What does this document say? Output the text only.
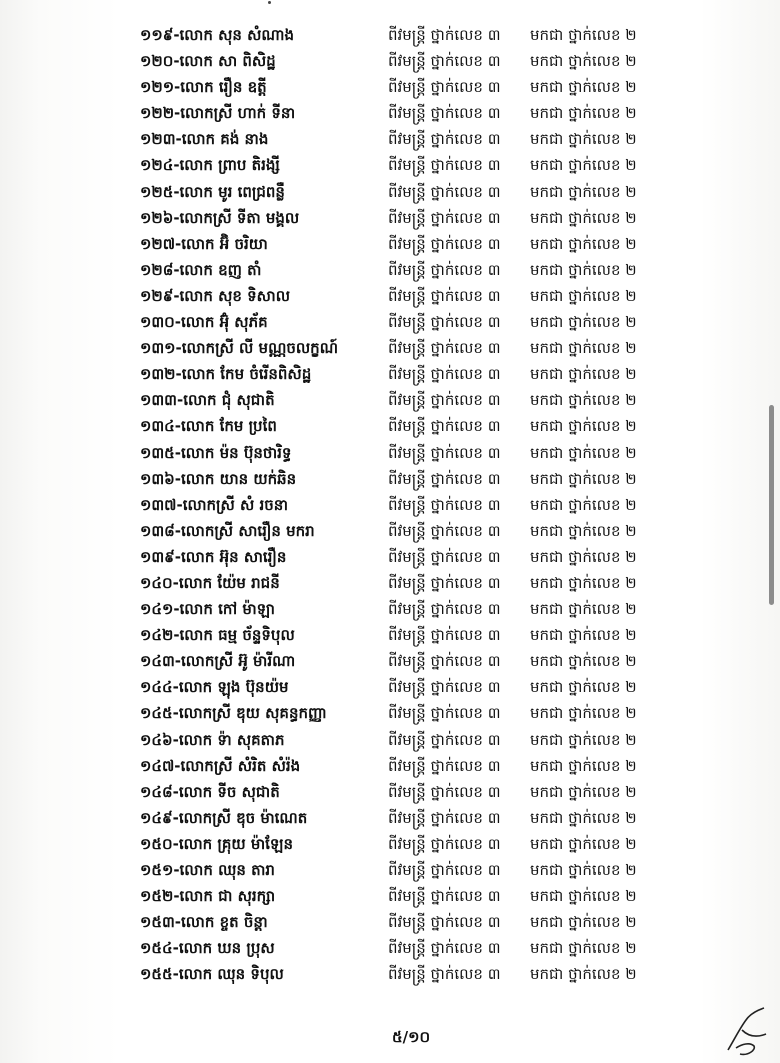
១១៩-លោក សុន សំណាង	ពីវមន្ត្រី ថ្នាក់លេខ ៣ មកជា ថ្នាក់លេខ ២
១២០-លោក សា ពិសិដ្ឋ	ពីវមន្ត្រី ថ្នាក់លេខ ៣ មកជា ថ្នាក់លេខ ២
១២១-លោក រឿន ឧត្តី	ពីវមន្ត្រី ថ្នាក់លេខ ៣ មកជា ថ្នាក់លេខ ២
១២២-លោកស្រី ហាក់ ទីនា	ពីវមន្ត្រី ថ្នាក់លេខ ៣ មកជា ថ្នាក់លេខ ២
១២៣-លោក គង់ នាង	ពីវមន្ត្រី ថ្នាក់លេខ ៣ មកជា ថ្នាក់លេខ ២
១២៤-លោក ព្រាប តិរង្សី	ពីវមន្ត្រី ថ្នាក់លេខ ៣ មកជា ថ្នាក់លេខ ២
១២៥-លោក មូរ ពេជ្រពន្លឺ	ពីវមន្ត្រី ថ្នាក់លេខ ៣ មកជា ថ្នាក់លេខ ២
១២៦-លោកស្រី ទីតា មង្គល	ពីវមន្ត្រី ថ្នាក់លេខ ៣ មកជា ថ្នាក់លេខ ២
១២៧-លោក អ៊ិ ចរិយា	ពីវមន្ត្រី ថ្នាក់លេខ ៣ មកជា ថ្នាក់លេខ ២
១២៨-លោក ឧញ តាំ	ពីវមន្ត្រី ថ្នាក់លេខ ៣ មកជា ថ្នាក់លេខ ២
១២៩-លោក សុខ ទិសាល	ពីវមន្ត្រី ថ្នាក់លេខ ៣ មកជា ថ្នាក់លេខ ២
១៣០-លោក អ៊ុំ សុភ័គ	ពីវមន្ត្រី ថ្នាក់លេខ ៣ មកជា ថ្នាក់លេខ ២
១៣១-លោកស្រី លី មណ្ណចលក្ខណ៍	ពីវមន្ត្រី ថ្នាក់លេខ ៣ មកជា ថ្នាក់លេខ ២
១៣២-លោក កែម ចំរើនពិសិដ្ឋ	ពីវមន្ត្រី ថ្នាក់លេខ ៣ មកជា ថ្នាក់លេខ ២
១៣៣-លោក ជុំ សុជាតិ	ពីវមន្ត្រី ថ្នាក់លេខ ៣ មកជា ថ្នាក់លេខ ២
១៣៤-លោក កែម ប្រពៃ	ពីវមន្ត្រី ថ្នាក់លេខ ៣ មកជា ថ្នាក់លេខ ២
១៣៥-លោក ម៉ន ប៊ុនថារិទ្ធ	ពីវមន្ត្រី ថ្នាក់លេខ ៣ មកជា ថ្នាក់លេខ ២
១៣៦-លោក យាន យក់ឆិន	ពីវមន្ត្រី ថ្នាក់លេខ ៣ មកជា ថ្នាក់លេខ ២
១៣៧-លោកស្រី សំ រចនា	ពីវមន្ត្រី ថ្នាក់លេខ ៣ មកជា ថ្នាក់លេខ ២
១៣៨-លោកស្រី សារឿន មករា	ពីវមន្ត្រី ថ្នាក់លេខ ៣ មកជា ថ្នាក់លេខ ២
១៣៩-លោក អ៊ុន សារឿន	ពីវមន្ត្រី ថ្នាក់លេខ ៣ មកជា ថ្នាក់លេខ ២
១៤០-លោក យ៉ែម រាជនី	ពីវមន្ត្រី ថ្នាក់លេខ ៣ មកជា ថ្នាក់លេខ ២
១៤១-លោក កៅ ម៉ាឡា	ពីវមន្ត្រី ថ្នាក់លេខ ៣ មកជា ថ្នាក់លេខ ២
១៤២-លោក ធម្ម ច័ន្ទទិបុល	ពីវមន្ត្រី ថ្នាក់លេខ ៣ មកជា ថ្នាក់លេខ ២
១៤៣-លោកស្រី អ៊ូ ម៉ារីណា	ពីវមន្ត្រី ថ្នាក់លេខ ៣ មកជា ថ្នាក់លេខ ២
១៤៤-លោក ឡុង ប៊ុនយ៉ម	ពីវមន្ត្រី ថ្នាក់លេខ ៣ មកជា ថ្នាក់លេខ ២
១៤៥-លោកស្រី ឌុយ សុគន្ធកញ្ញា	ពីវមន្ត្រី ថ្នាក់លេខ ៣ មកជា ថ្នាក់លេខ ២
១៤៦-លោក ទ៉ា សុគតាភ	ពីវមន្ត្រី ថ្នាក់លេខ ៣ មកជា ថ្នាក់លេខ ២
១៤៧-លោកស្រី សំរិត សំរ៉ង	ពីវមន្ត្រី ថ្នាក់លេខ ៣ មកជា ថ្នាក់លេខ ២
១៤៨-លោក ទីច សុជាតិ	ពីវមន្ត្រី ថ្នាក់លេខ ៣ មកជា ថ្នាក់លេខ ២
១៤៩-លោកស្រី ឌុច ម៉ាណេត	ពីវមន្ត្រី ថ្នាក់លេខ ៣ មកជា ថ្នាក់លេខ ២
១៥០-លោក គ្រុយ ម៉ាឡែន	ពីវមន្ត្រី ថ្នាក់លេខ ៣ មកជា ថ្នាក់លេខ ២
១៥១-លោក ឈុន តារា	ពីវមន្ត្រី ថ្នាក់លេខ ៣ មកជា ថ្នាក់លេខ ២
១៥២-លោក ជា សុរក្សា	ពីវមន្ត្រី ថ្នាក់លេខ ៣ មកជា ថ្នាក់លេខ ២
១៥៣-លោក ខ្ចត ចិន្តា	ពីវមន្ត្រី ថ្នាក់លេខ ៣ មកជា ថ្នាក់លេខ ២
១៥៤-លោក ឃន ប្រុស	ពីវមន្ត្រី ថ្នាក់លេខ ៣ មកជា ថ្នាក់លេខ ២
១៥៥-លោក ឈុន ទិបុល	ពីវមន្ត្រី ថ្នាក់លេខ ៣ មកជា ថ្នាក់លេខ ២
៥/១០
